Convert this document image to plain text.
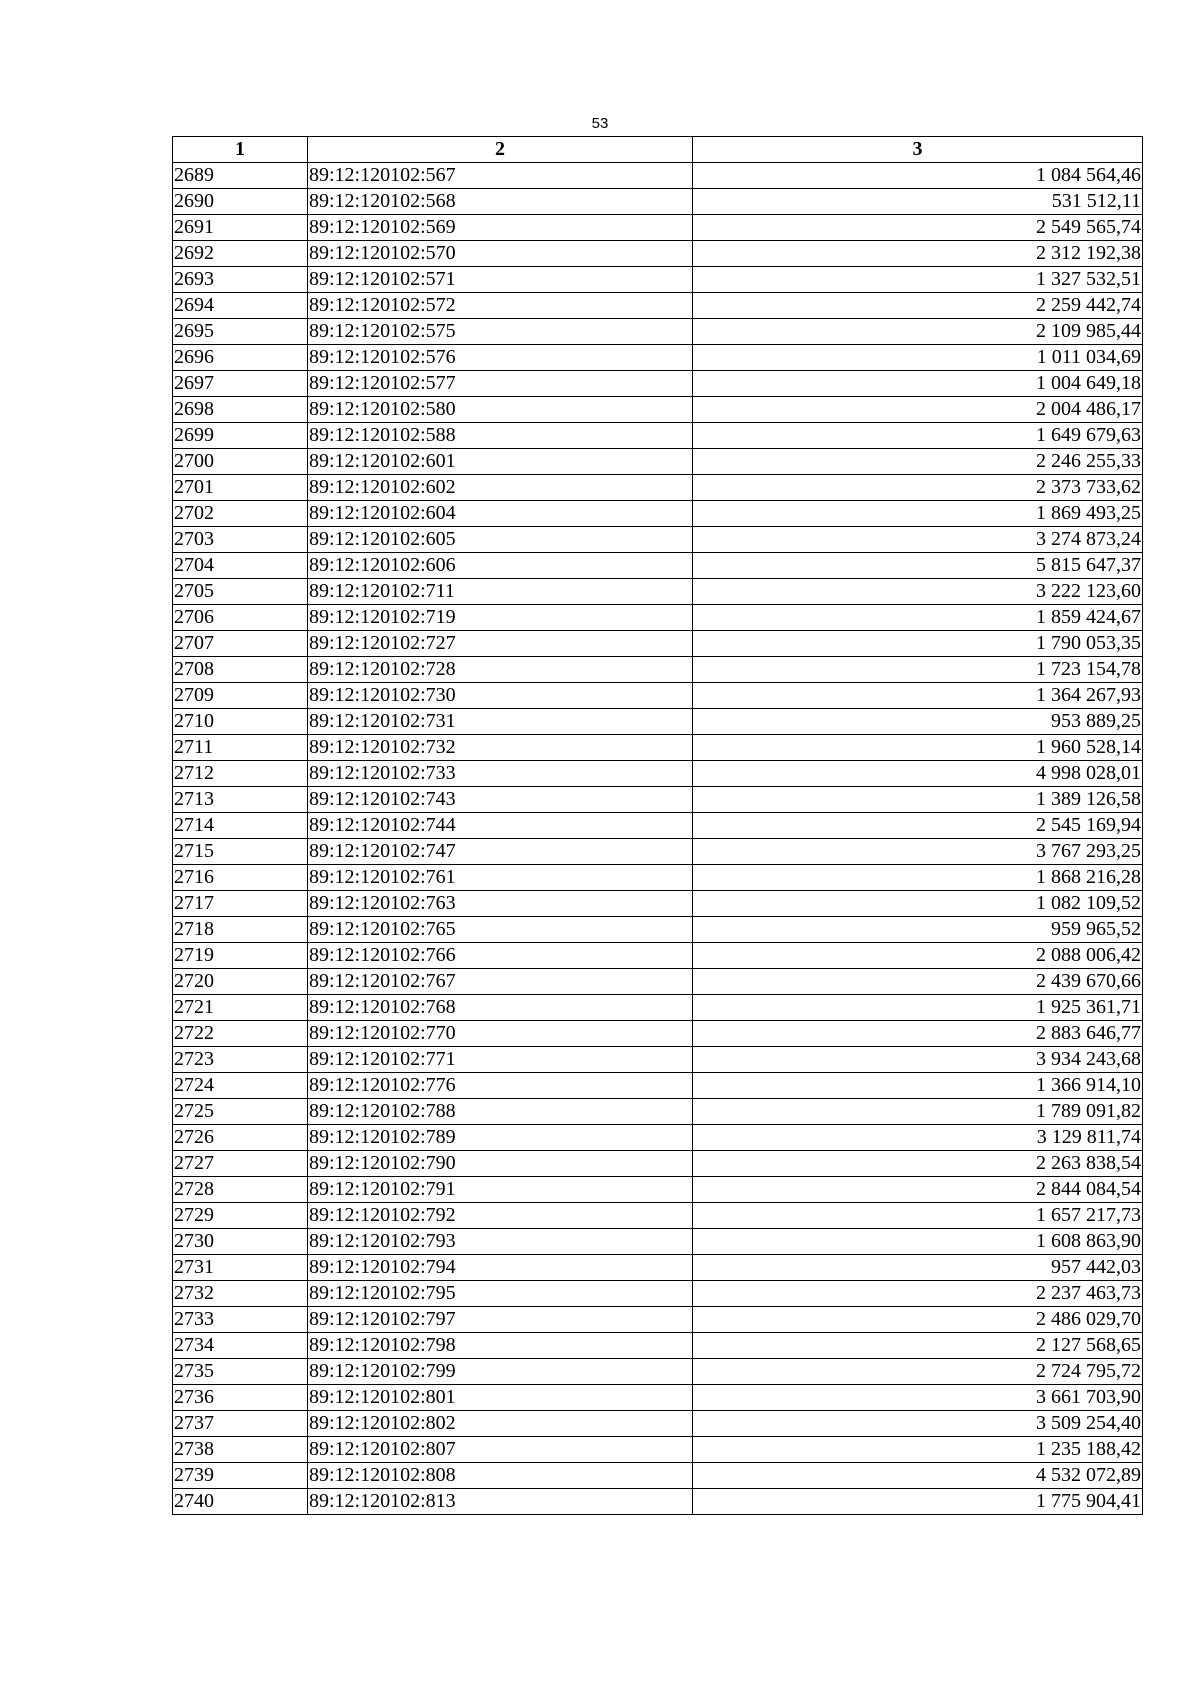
53
1	2	3
2689	89:12:120102:567	1 084 564,46
2690	89:12:120102:568	531 512,11
2691	89:12:120102:569	2 549 565,74
2692	89:12:120102:570	2 312 192,38
2693	89:12:120102:571	1 327 532,51
2694	89:12:120102:572	2 259 442,74
2695	89:12:120102:575	2 109 985,44
2696	89:12:120102:576	1 011 034,69
2697	89:12:120102:577	1 004 649,18
2698	89:12:120102:580	2 004 486,17
2699	89:12:120102:588	1 649 679,63
2700	89:12:120102:601	2 246 255,33
2701	89:12:120102:602	2 373 733,62
2702	89:12:120102:604	1 869 493,25
2703	89:12:120102:605	3 274 873,24
2704	89:12:120102:606	5 815 647,37
2705	89:12:120102:711	3 222 123,60
2706	89:12:120102:719	1 859 424,67
2707	89:12:120102:727	1 790 053,35
2708	89:12:120102:728	1 723 154,78
2709	89:12:120102:730	1 364 267,93
2710	89:12:120102:731	953 889,25
2711	89:12:120102:732	1 960 528,14
2712	89:12:120102:733	4 998 028,01
2713	89:12:120102:743	1 389 126,58
2714	89:12:120102:744	2 545 169,94
2715	89:12:120102:747	3 767 293,25
2716	89:12:120102:761	1 868 216,28
2717	89:12:120102:763	1 082 109,52
2718	89:12:120102:765	959 965,52
2719	89:12:120102:766	2 088 006,42
2720	89:12:120102:767	2 439 670,66
2721	89:12:120102:768	1 925 361,71
2722	89:12:120102:770	2 883 646,77
2723	89:12:120102:771	3 934 243,68
2724	89:12:120102:776	1 366 914,10
2725	89:12:120102:788	1 789 091,82
2726	89:12:120102:789	3 129 811,74
2727	89:12:120102:790	2 263 838,54
2728	89:12:120102:791	2 844 084,54
2729	89:12:120102:792	1 657 217,73
2730	89:12:120102:793	1 608 863,90
2731	89:12:120102:794	957 442,03
2732	89:12:120102:795	2 237 463,73
2733	89:12:120102:797	2 486 029,70
2734	89:12:120102:798	2 127 568,65
2735	89:12:120102:799	2 724 795,72
2736	89:12:120102:801	3 661 703,90
2737	89:12:120102:802	3 509 254,40
2738	89:12:120102:807	1 235 188,42
2739	89:12:120102:808	4 532 072,89
2740	89:12:120102:813	1 775 904,41
